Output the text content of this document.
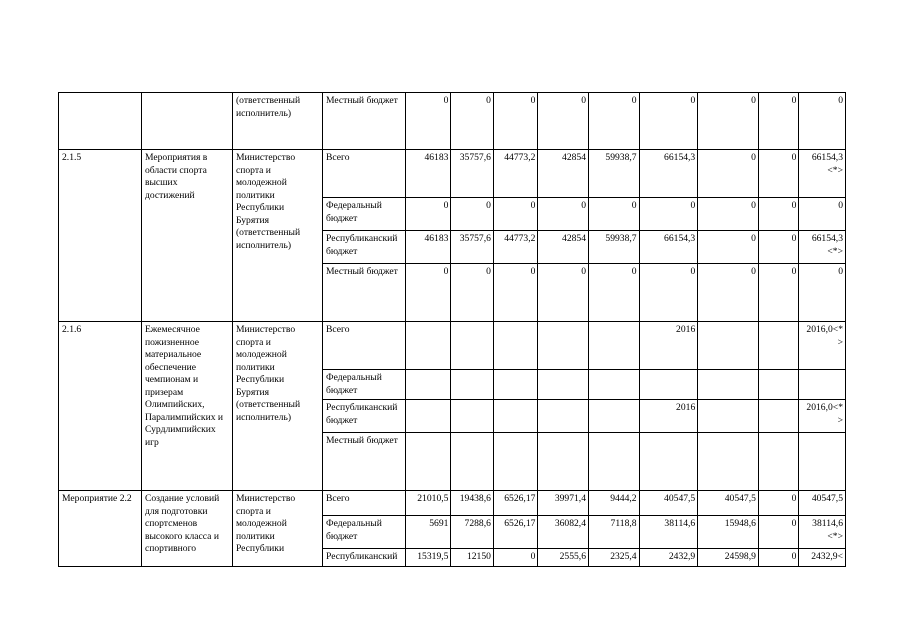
		(ответственный исполнитель)	Местный бюджет	0	0	0	0	0	0	0	0	0
2.1.5	Мероприятия в области спорта высших достижений	Министерство спорта и молодежной политики Республики Бурятия (ответственный исполнитель)	Всего	46183	35757,6	44773,2	42854	59938,7	66154,3	0	0	66154,3 <*>
			Федеральный бюджет	0	0	0	0	0	0	0	0	0
			Республиканский бюджет	46183	35757,6	44773,2	42854	59938,7	66154,3	0	0	66154,3 <*>
			Местный бюджет	0	0	0	0	0	0	0	0	0
2.1.6	Ежемесячное пожизненное материальное обеспечение чемпионам и призерам Олимпийских, Паралимпийских и Сурдлимпийских игр	Министерство спорта и молодежной политики Республики Бурятия (ответственный исполнитель)	Всего						2016			2016,0<*>
			Федеральный бюджет									
			Республиканский бюджет						2016			2016,0<*>
			Местный бюджет									
Мероприятие 2.2	Создание условий для подготовки спортсменов высокого класса и спортивного	Министерство спорта и молодежной политики Республики	Всего	21010,5	19438,6	6526,17	39971,4	9444,2	40547,5	40547,5	0	40547,5
			Федеральный бюджет	5691	7288,6	6526,17	36082,4	7118,8	38114,6	15948,6	0	38114,6 <*>
			Республиканский	15319,5	12150	0	2555,6	2325,4	2432,9	24598,9	0	2432,9<
